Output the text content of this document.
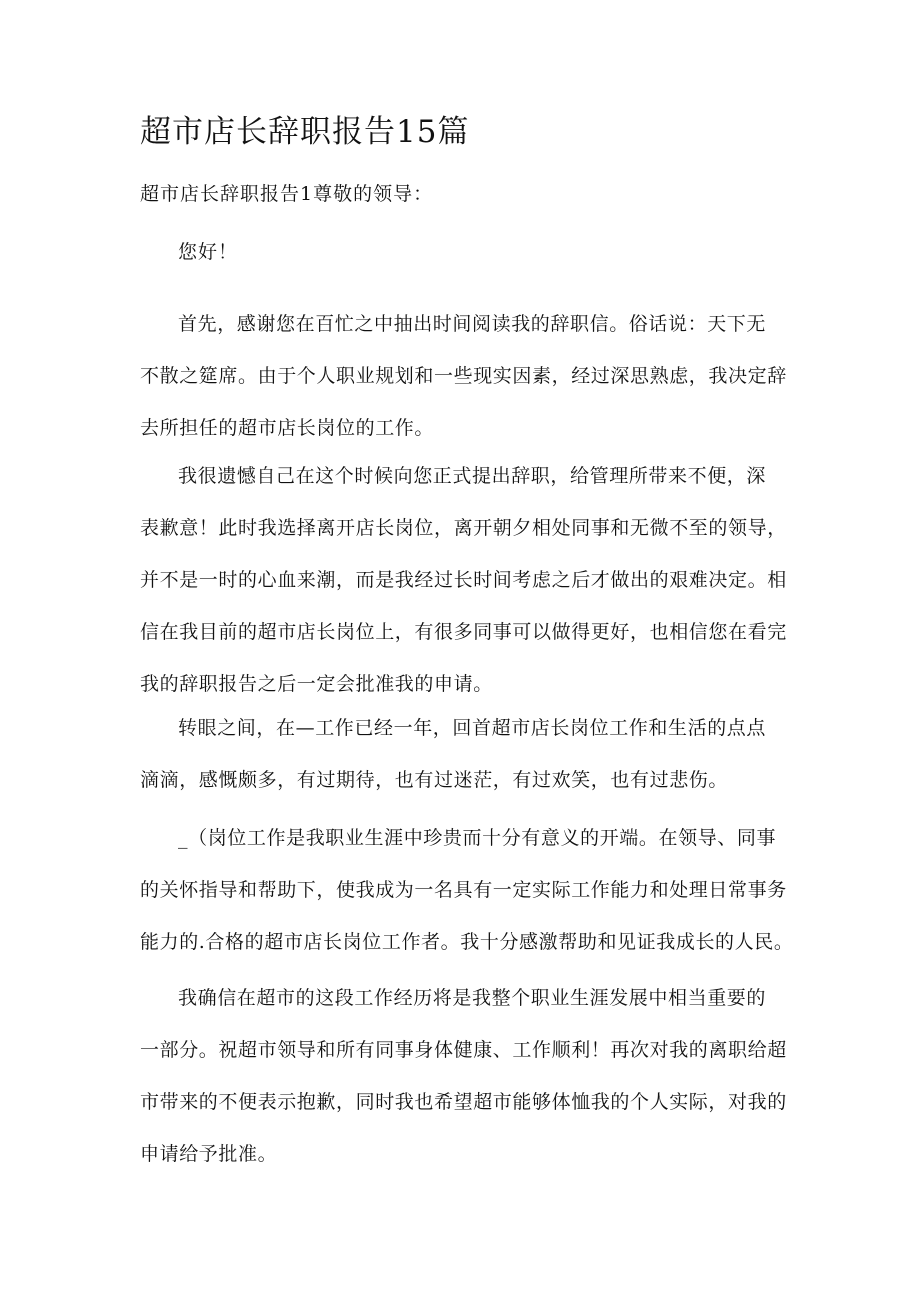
超市店长辞职报告15篇
超市店长辞职报告1尊敬的领导：
您好！
首先，感谢您在百忙之中抽出时间阅读我的辞职信。俗话说：天下无
不散之筵席。由于个人职业规划和一些现实因素，经过深思熟虑，我决定辞
去所担任的超市店长岗位的工作。
我很遗憾自己在这个时候向您正式提出辞职，给管理所带来不便，深
表歉意！此时我选择离开店长岗位，离开朝夕相处同事和无微不至的领导，
并不是一时的心血来潮，而是我经过长时间考虑之后才做出的艰难决定。相
信在我目前的超市店长岗位上，有很多同事可以做得更好，也相信您在看完
我的辞职报告之后一定会批准我的申请。
转眼之间，在—工作已经一年，回首超市店长岗位工作和生活的点点
滴滴，感慨颇多，有过期待，也有过迷茫，有过欢笑，也有过悲伤。
_（岗位工作是我职业生涯中珍贵而十分有意义的开端。在领导、同事
的关怀指导和帮助下，使我成为一名具有一定实际工作能力和处理日常事务
能力的.合格的超市店长岗位工作者。我十分感激帮助和见证我成长的人民。
我确信在超市的这段工作经历将是我整个职业生涯发展中相当重要的
一部分。祝超市领导和所有同事身体健康、工作顺利！再次对我的离职给超
市带来的不便表示抱歉，同时我也希望超市能够体恤我的个人实际，对我的
申请给予批准。
